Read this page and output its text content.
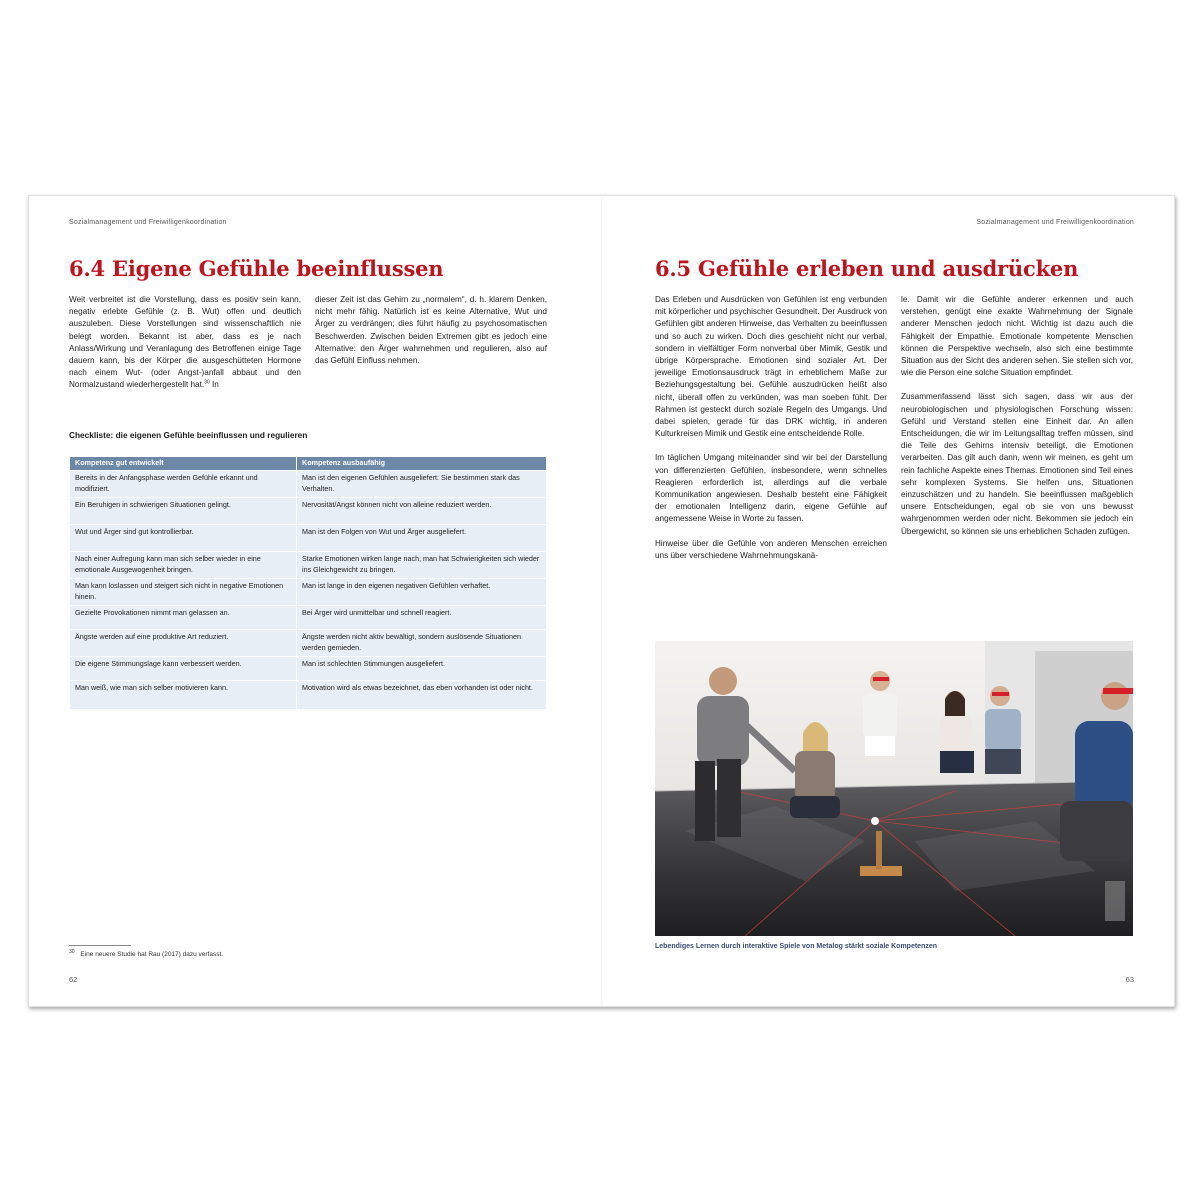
Sozialmanagement und Freiwilligenkoordination
6.4 Eigene Gefühle beeinflussen

Weit verbreitet ist die Vorstellung, dass es positiv sein kann, negativ erlebte Gefühle (z. B. Wut) offen und deutlich auszuleben. Diese Vorstellungen sind wissenschaftlich nie belegt worden. Bekannt ist aber, dass es je nach Anlass/Wirkung und Veranlagung des Betroffenen einige Tage dauern kann, bis der Körper die ausgeschütteten Hormone nach einem Wut- (oder Angst-)anfall abbaut und den Normalzustand wiederhergestellt hat.$^{30}$ In

dieser Zeit ist das Gehirn zu „normalem“, d. h. klarem Denken, nicht mehr fähig. Natürlich ist es keine Alternative, Wut und Ärger zu verdrängen; dies führt häufig zu psychosomatischen Beschwerden. Zwischen beiden Extremen gibt es jedoch eine Alternative: den Ärger wahrnehmen und regulieren, also auf das Gefühl Einfluss nehmen.

Checkliste: die eigenen Gefühle beeinflussen und regulieren
Kompetenz gut entwickelt	Kompetenz ausbaufähig
Bereits in der Anfangsphase werden Gefühle erkannt und modifiziert.	Man ist den eigenen Gefühlen ausgeliefert: Sie bestimmen stark das Verhalten.
Ein Beruhigen in schwierigen Situationen gelingt.	Nervosität/Angst können nicht von alleine reduziert werden.
Wut und Ärger sind gut kontrollierbar.	Man ist den Folgen von Wut und Ärger ausgeliefert.
Nach einer Aufregung kann man sich selber wieder in eine emotionale Ausgewogenheit bringen.	Starke Emotionen wirken lange nach, man hat Schwierigkeiten sich wieder ins Gleichgewicht zu bringen.
Man kann loslassen und steigert sich nicht in negative Emotionen hinein.	Man ist lange in den eigenen negativen Gefühlen verhaftet.
Gezielte Provokationen nimmt man gelassen an.	Bei Ärger wird unmittelbar und schnell reagiert.
Ängste werden auf eine produktive Art reduziert.	Ängste werden nicht aktiv bewältigt, sondern auslösende Situationen werden gemieden.
Die eigene Stimmungslage kann verbessert werden.	Man ist schlechten Stimmungen ausgeliefert.
Man weiß, wie man sich selber motivieren kann.	Motivation wird als etwas bezeichnet, das eben vorhanden ist oder nicht.
$^{30}$ Eine neuere Studie hat Rau (2017) dazu verfasst.
62
Sozialmanagement und Freiwilligenkoordination
6.5 Gefühle erleben und ausdrücken

Das Erleben und Ausdrücken von Gefühlen ist eng verbunden mit körperlicher und psychischer Gesundheit. Der Ausdruck von Gefühlen gibt anderen Hinweise, das Verhalten zu beeinflussen und so auch zu wirken. Doch dies geschieht nicht nur verbal, sondern in vielfältiger Form nonverbal über Mimik, Gestik und übrige Körpersprache. Emotionen sind sozialer Art. Der jeweilige Emotionsausdruck trägt in erheblichem Maße zur Beziehungsgestaltung bei. Gefühle auszudrücken heißt also nicht, überall offen zu verkünden, was man soeben fühlt. Der Rahmen ist gesteckt durch soziale Regeln des Umgangs. Und dabei spielen, gerade für das DRK wichtig, in anderen Kulturkreisen Mimik und Gestik eine entscheidende Rolle.

Im täglichen Umgang miteinander sind wir bei der Darstellung von differenzierten Gefühlen, insbesondere, wenn schnelles Reagieren erforderlich ist, allerdings auf die verbale Kommunikation angewiesen. Deshalb besteht eine Fähigkeit der emotionalen Intelligenz darin, eigene Gefühle auf angemessene Weise in Worte zu fassen.

Hinweise über die Gefühle von anderen Menschen erreichen uns über verschiedene Wahrnehmungskanä-

le. Damit wir die Gefühle anderer erkennen und auch verstehen, genügt eine exakte Wahrnehmung der Signale anderer Menschen jedoch nicht. Wichtig ist dazu auch die Fähigkeit der Empathie. Emotionale kompetente Menschen können die Perspektive wechseln, also sich eine bestimmte Situation aus der Sicht des anderen sehen. Sie stellen sich vor, wie die Person eine solche Situation empfindet.

Zusammenfassend lässt sich sagen, dass wir aus der neurobiologischen und physiologischen Forschung wissen: Gefühl und Verstand stellen eine Einheit dar. An allen Entscheidungen, die wir im Leitungsalltag treffen müssen, sind die Teile des Gehirns intensiv beteiligt, die Emotionen verarbeiten. Das gilt auch dann, wenn wir meinen, es geht um rein fachliche Aspekte eines Themas. Emotionen sind Teil eines sehr komplexen Systems. Sie helfen uns, Situationen einzuschätzen und zu handeln. Sie beeinflussen maßgeblich unsere Entscheidungen, egal ob sie von uns bewusst wahrgenommen werden oder nicht. Bekommen sie jedoch ein Übergewicht, so können sie uns erheblichen Schaden zufügen.

Lebendiges Lernen durch interaktive Spiele von Metalog stärkt soziale Kompetenzen
63
